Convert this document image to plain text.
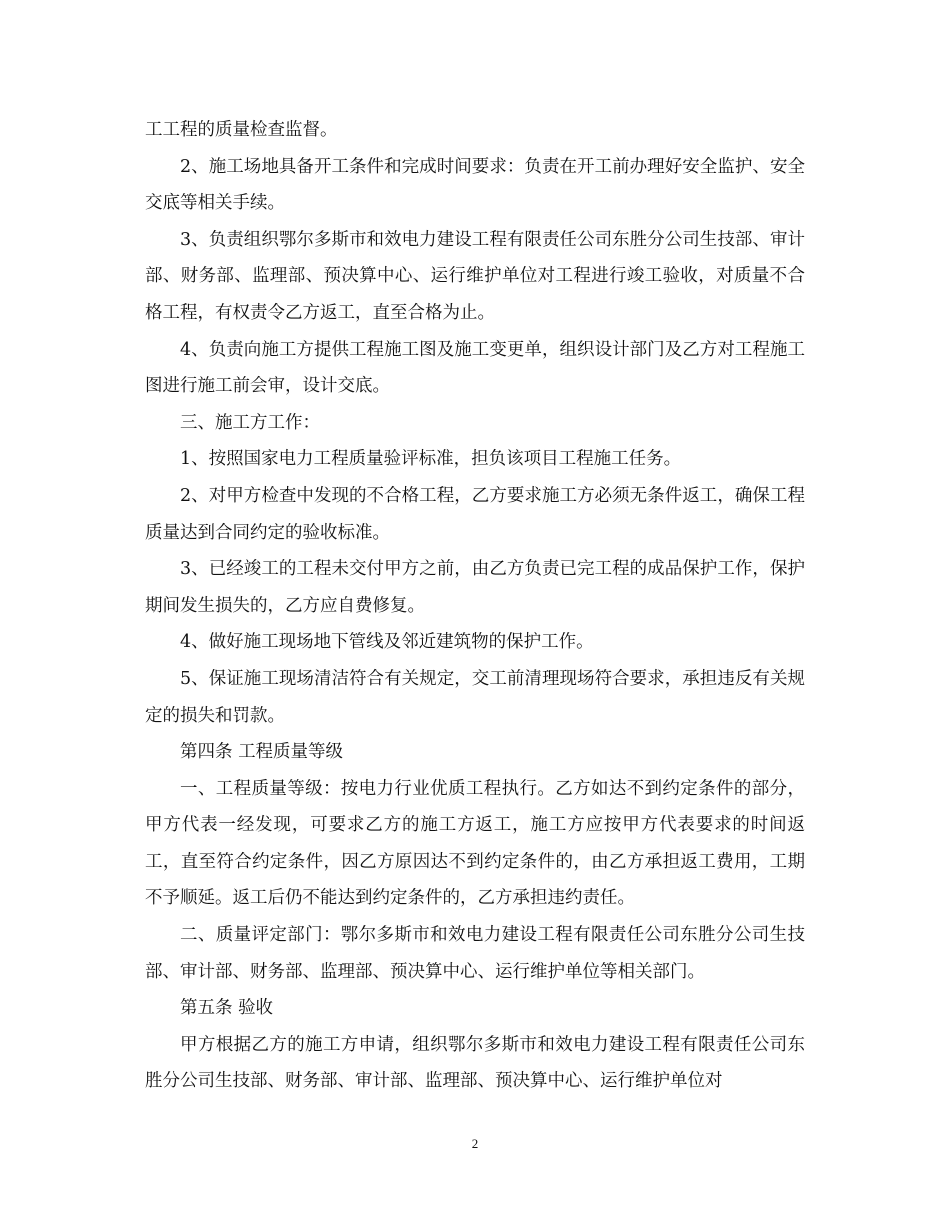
工工程的质量检查监督。

2、施工场地具备开工条件和完成时间要求：负责在开工前办理好安全监护、安全交底等相关手续。

3、负责组织鄂尔多斯市和效电力建设工程有限责任公司东胜分公司生技部、审计部、财务部、监理部、预决算中心、运行维护单位对工程进行竣工验收，对质量不合格工程，有权责令乙方返工，直至合格为止。

4、负责向施工方提供工程施工图及施工变更单，组织设计部门及乙方对工程施工图进行施工前会审，设计交底。

三、施工方工作：

1、按照国家电力工程质量验评标准，担负该项目工程施工任务。

2、对甲方检查中发现的不合格工程，乙方要求施工方必须无条件返工，确保工程质量达到合同约定的验收标准。

3、已经竣工的工程未交付甲方之前，由乙方负责已完工程的成品保护工作，保护期间发生损失的，乙方应自费修复。

4、做好施工现场地下管线及邻近建筑物的保护工作。

5、保证施工现场清洁符合有关规定，交工前清理现场符合要求，承担违反有关规定的损失和罚款。

第四条 工程质量等级

一、工程质量等级：按电力行业优质工程执行。乙方如达不到约定条件的部分，甲方代表一经发现，可要求乙方的施工方返工，施工方应按甲方代表要求的时间返工，直至符合约定条件，因乙方原因达不到约定条件的，由乙方承担返工费用，工期不予顺延。返工后仍不能达到约定条件的，乙方承担违约责任。

二、质量评定部门：鄂尔多斯市和效电力建设工程有限责任公司东胜分公司生技部、审计部、财务部、监理部、预决算中心、运行维护单位等相关部门。

第五条 验收

甲方根据乙方的施工方申请，组织鄂尔多斯市和效电力建设工程有限责任公司东胜分公司生技部、财务部、审计部、监理部、预决算中心、运行维护单位对

2
